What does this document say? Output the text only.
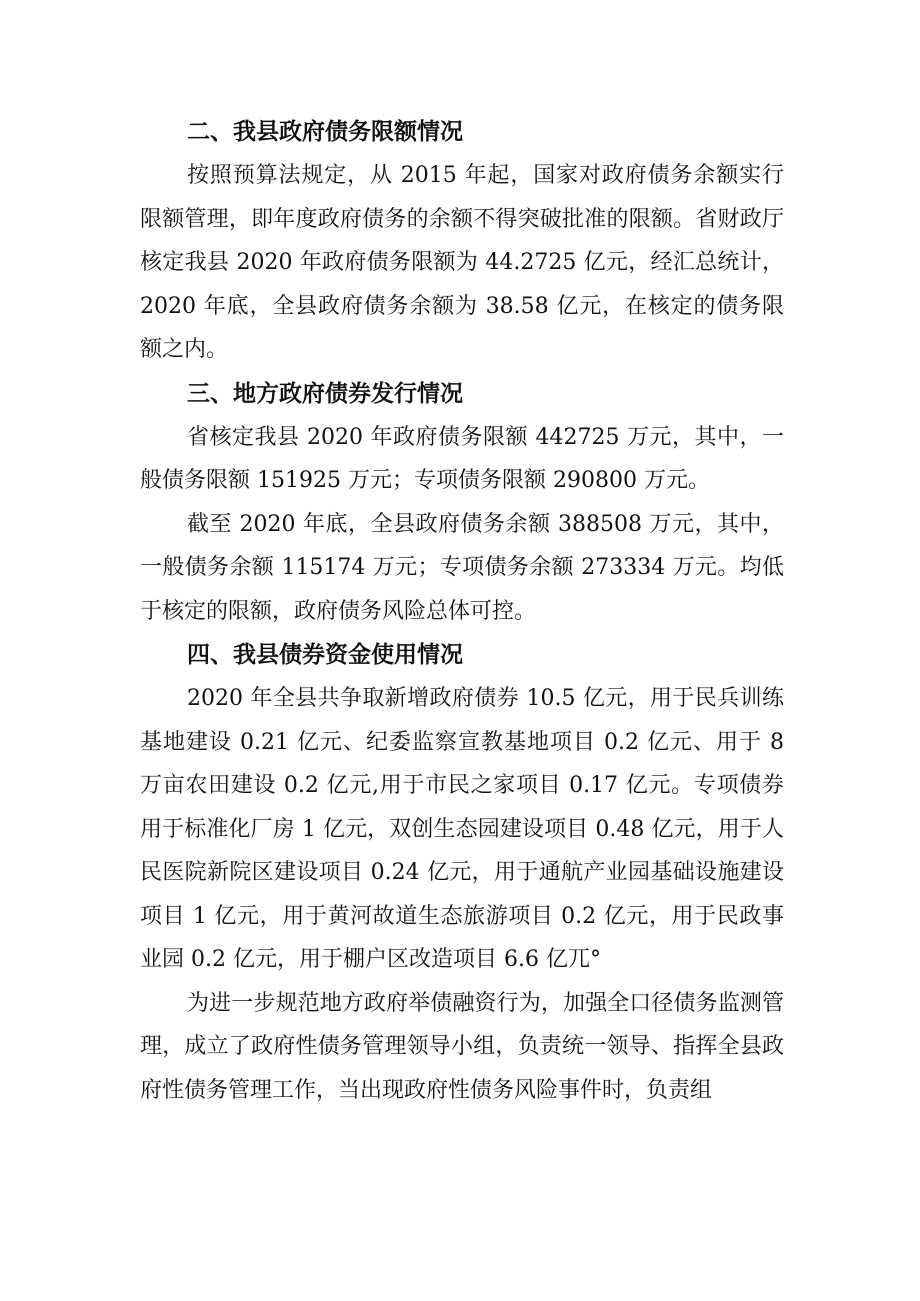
二、我县政府债务限额情况

按照预算法规定，从 2015 年起，国家对政府债务余额实行限额管理，即年度政府债务的余额不得突破批准的限额。省财政厅核定我县 2020 年政府债务限额为 44.2725 亿元，经汇总统计，2020 年底，全县政府债务余额为 38.58 亿元，在核定的债务限额之内。

三、地方政府债券发行情况

省核定我县 2020 年政府债务限额 442725 万元，其中，一般债务限额 151925 万元；专项债务限额 290800 万元。

截至 2020 年底，全县政府债务余额 388508 万元，其中，一般债务余额 115174 万元；专项债务余额 273334 万元。均低于核定的限额，政府债务风险总体可控。

四、我县债券资金使用情况

2020 年全县共争取新增政府债券 10.5 亿元，用于民兵训练基地建设 0.21 亿元、纪委监察宣教基地项目 0.2 亿元、用于 8 万亩农田建设 0.2 亿元,用于市民之家项目 0.17 亿元。专项债券用于标准化厂房 1 亿元，双创生态园建设项目 0.48 亿元，用于人民医院新院区建设项目 0.24 亿元，用于通航产业园基础设施建设项目 1 亿元，用于黄河故道生态旅游项目 0.2 亿元，用于民政事业园 0.2 亿元，用于棚户区改造项目 6.6 亿兀°

为进一步规范地方政府举债融资行为，加强全口径债务监测管理，成立了政府性债务管理领导小组，负责统一领导、指挥全县政府性债务管理工作，当出现政府性债务风险事件时，负责组
